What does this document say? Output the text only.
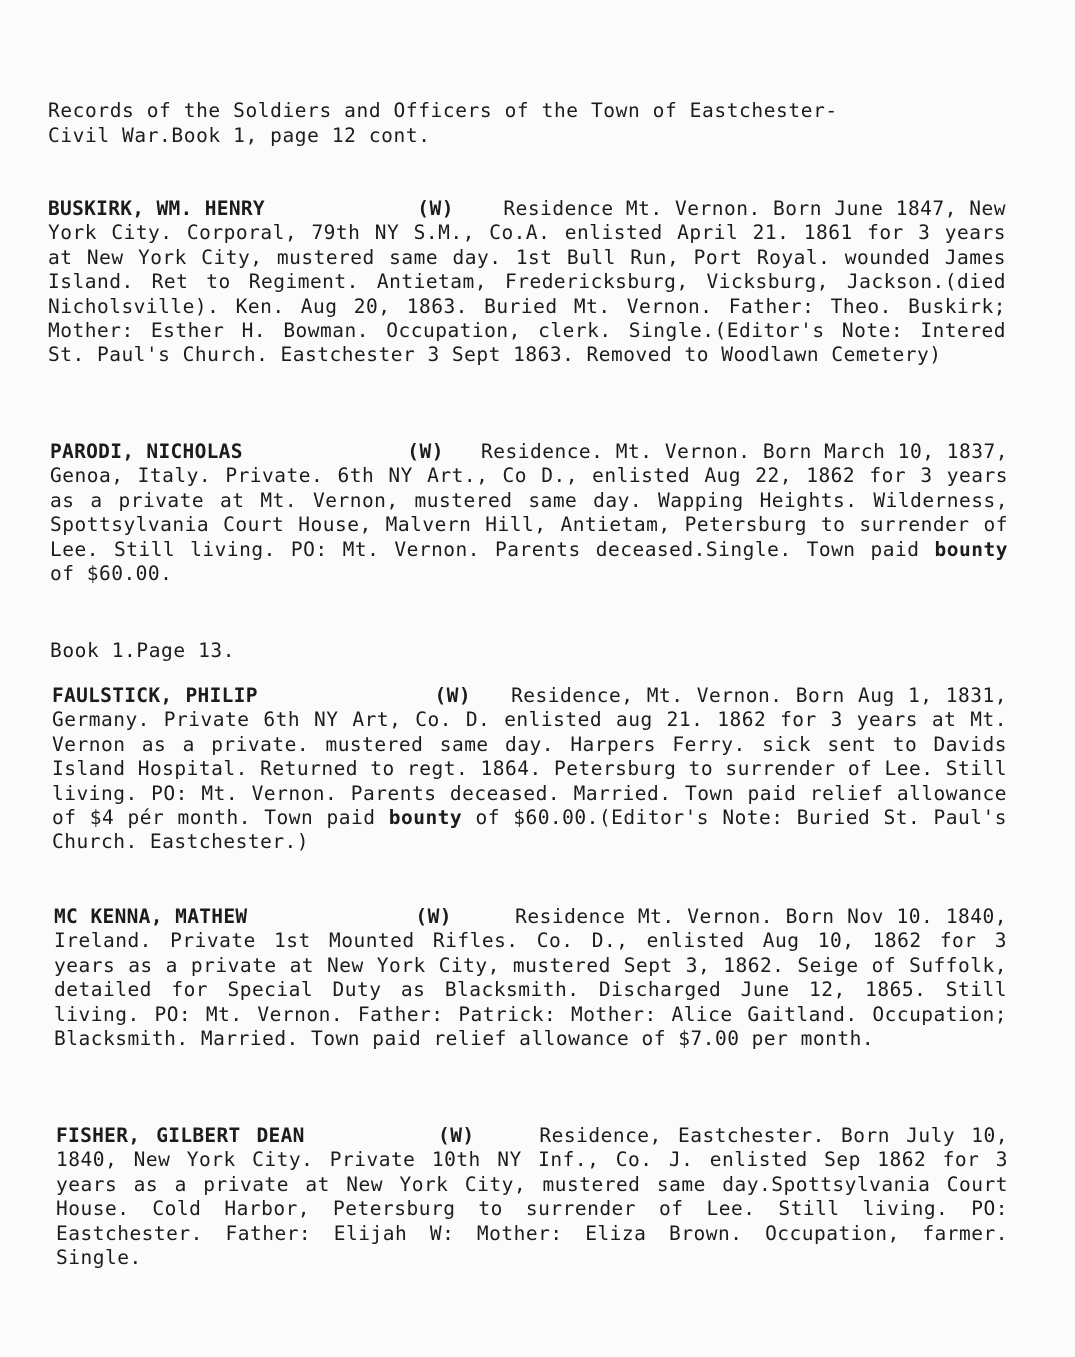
Records of the Soldiers and Officers of the Town of Eastchester-
Civil War.Book 1, page 12 cont.
BUSKIRK, WM. HENRY	(W)	Residence Mt. Vernon. Born June 1847, New York City. Corporal, 79th NY S.M., Co.A. enlisted April 21. 1861 for 3 years at New York City, mustered same day. 1st Bull Run, Port Royal. wounded James Island. Ret to Regiment. Antietam, Fredericksburg, Vicksburg, Jackson.(died Nicholsville). Ken. Aug 20, 1863. Buried Mt. Vernon. Father: Theo. Buskirk; Mother: Esther H. Bowman. Occupation, clerk. Single.(Editor's Note: Intered St. Paul's Church. Eastchester 3 Sept 1863. Removed to Woodlawn Cemetery)
PARODI, NICHOLAS	(W) Residence. Mt. Vernon. Born March 10, 1837, Genoa, Italy. Private. 6th NY Art., Co D., enlisted Aug 22, 1862 for 3 years as a private at Mt. Vernon, mustered same day. Wapping Heights. Wilderness, Spottsylvania Court House, Malvern Hill, Antietam, Petersburg to surrender of Lee. Still living. PO: Mt. Vernon. Parents deceased.Single. Town paid bounty of $60.00.
Book 1.Page 13.
FAULSTICK, PHILIP	(W) Residence, Mt. Vernon. Born Aug 1, 1831, Germany. Private 6th NY Art, Co. D. enlisted aug 21. 1862 for 3 years at Mt. Vernon as a private. mustered same day. Harpers Ferry. sick sent to Davids Island Hospital. Returned to regt. 1864. Petersburg to surrender of Lee. Still living. PO: Mt. Vernon. Parents deceased. Married. Town paid relief allowance of $4 pér month. Town paid bounty of $60.00.(Editor's Note: Buried St. Paul's Church. Eastchester.)
MC KENNA, MATHEW	(W)	Residence Mt. Vernon. Born Nov 10. 1840, Ireland. Private 1st Mounted Rifles. Co. D., enlisted Aug 10, 1862 for 3 years as a private at New York City, mustered Sept 3, 1862. Seige of Suffolk, detailed for Special Duty as Blacksmith. Discharged June 12, 1865. Still living. PO: Mt. Vernon. Father: Patrick: Mother: Alice Gaitland. Occupation; Blacksmith. Married. Town paid relief allowance of $7.00 per month.
FISHER, GILBERT DEAN	(W)	Residence, Eastchester. Born July 10, 1840, New York City. Private 10th NY Inf., Co. J. enlisted Sep 1862 for 3 years as a private at New York City, mustered same day.Spottsylvania Court House. Cold Harbor, Petersburg to surrender of Lee. Still living. PO: Eastchester. Father: Elijah W: Mother: Eliza Brown. Occupation, farmer. Single.
